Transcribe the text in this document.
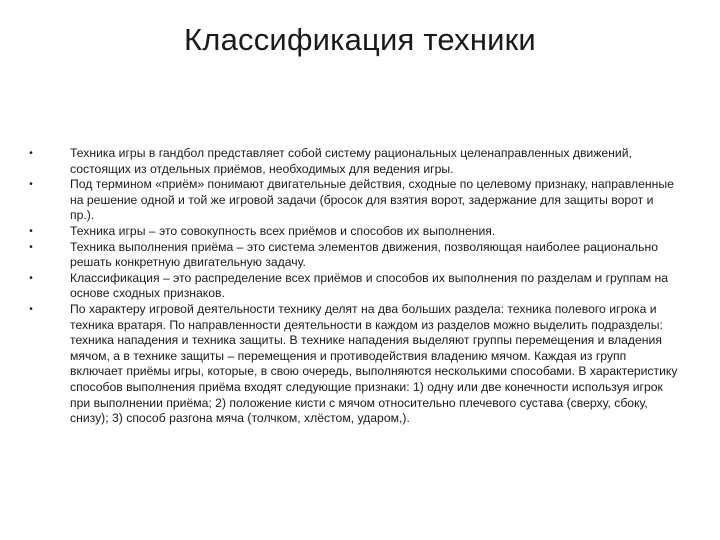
Классификация техники
•	Техника игры в гандбол представляет собой систему рациональных целенаправленных движений, состоящих из отдельных приёмов, необходимых для ведения игры.
•	Под термином «приём» понимают двигательные действия, сходные по целевому признаку, направленные на решение одной и той же игровой задачи (бросок для взятия ворот, задержание для защиты ворот и пр.).
•	Техника игры – это совокупность всех приёмов и способов их выполнения.
•	Техника выполнения приёма – это система элементов движения, позволяющая наиболее рационально решать конкретную двигательную задачу.
•	Классификация – это распределение всех приёмов и способов их выполнения по разделам и группам на основе сходных признаков.
•	По характеру игровой деятельности технику делят на два больших раздела: техника полевого игрока и техника вратаря. По направленности деятельности в каждом из разделов можно выделить подразделы: техника нападения и техника защиты. В технике нападения выделяют группы перемещения и владения мячом, а в технике защиты – перемещения и противодействия владению мячом. Каждая из групп включает приёмы игры, которые, в свою очередь, выполняются несколькими способами. В характеристику способов выполнения приёма входят следующие признаки: 1) одну или две конечности используя игрок при выполнении приёма; 2) положение кисти с мячом относительно плечевого сустава (сверху, сбоку, снизу); 3) способ разгона мяча (толчком, хлёстом, ударом,).
